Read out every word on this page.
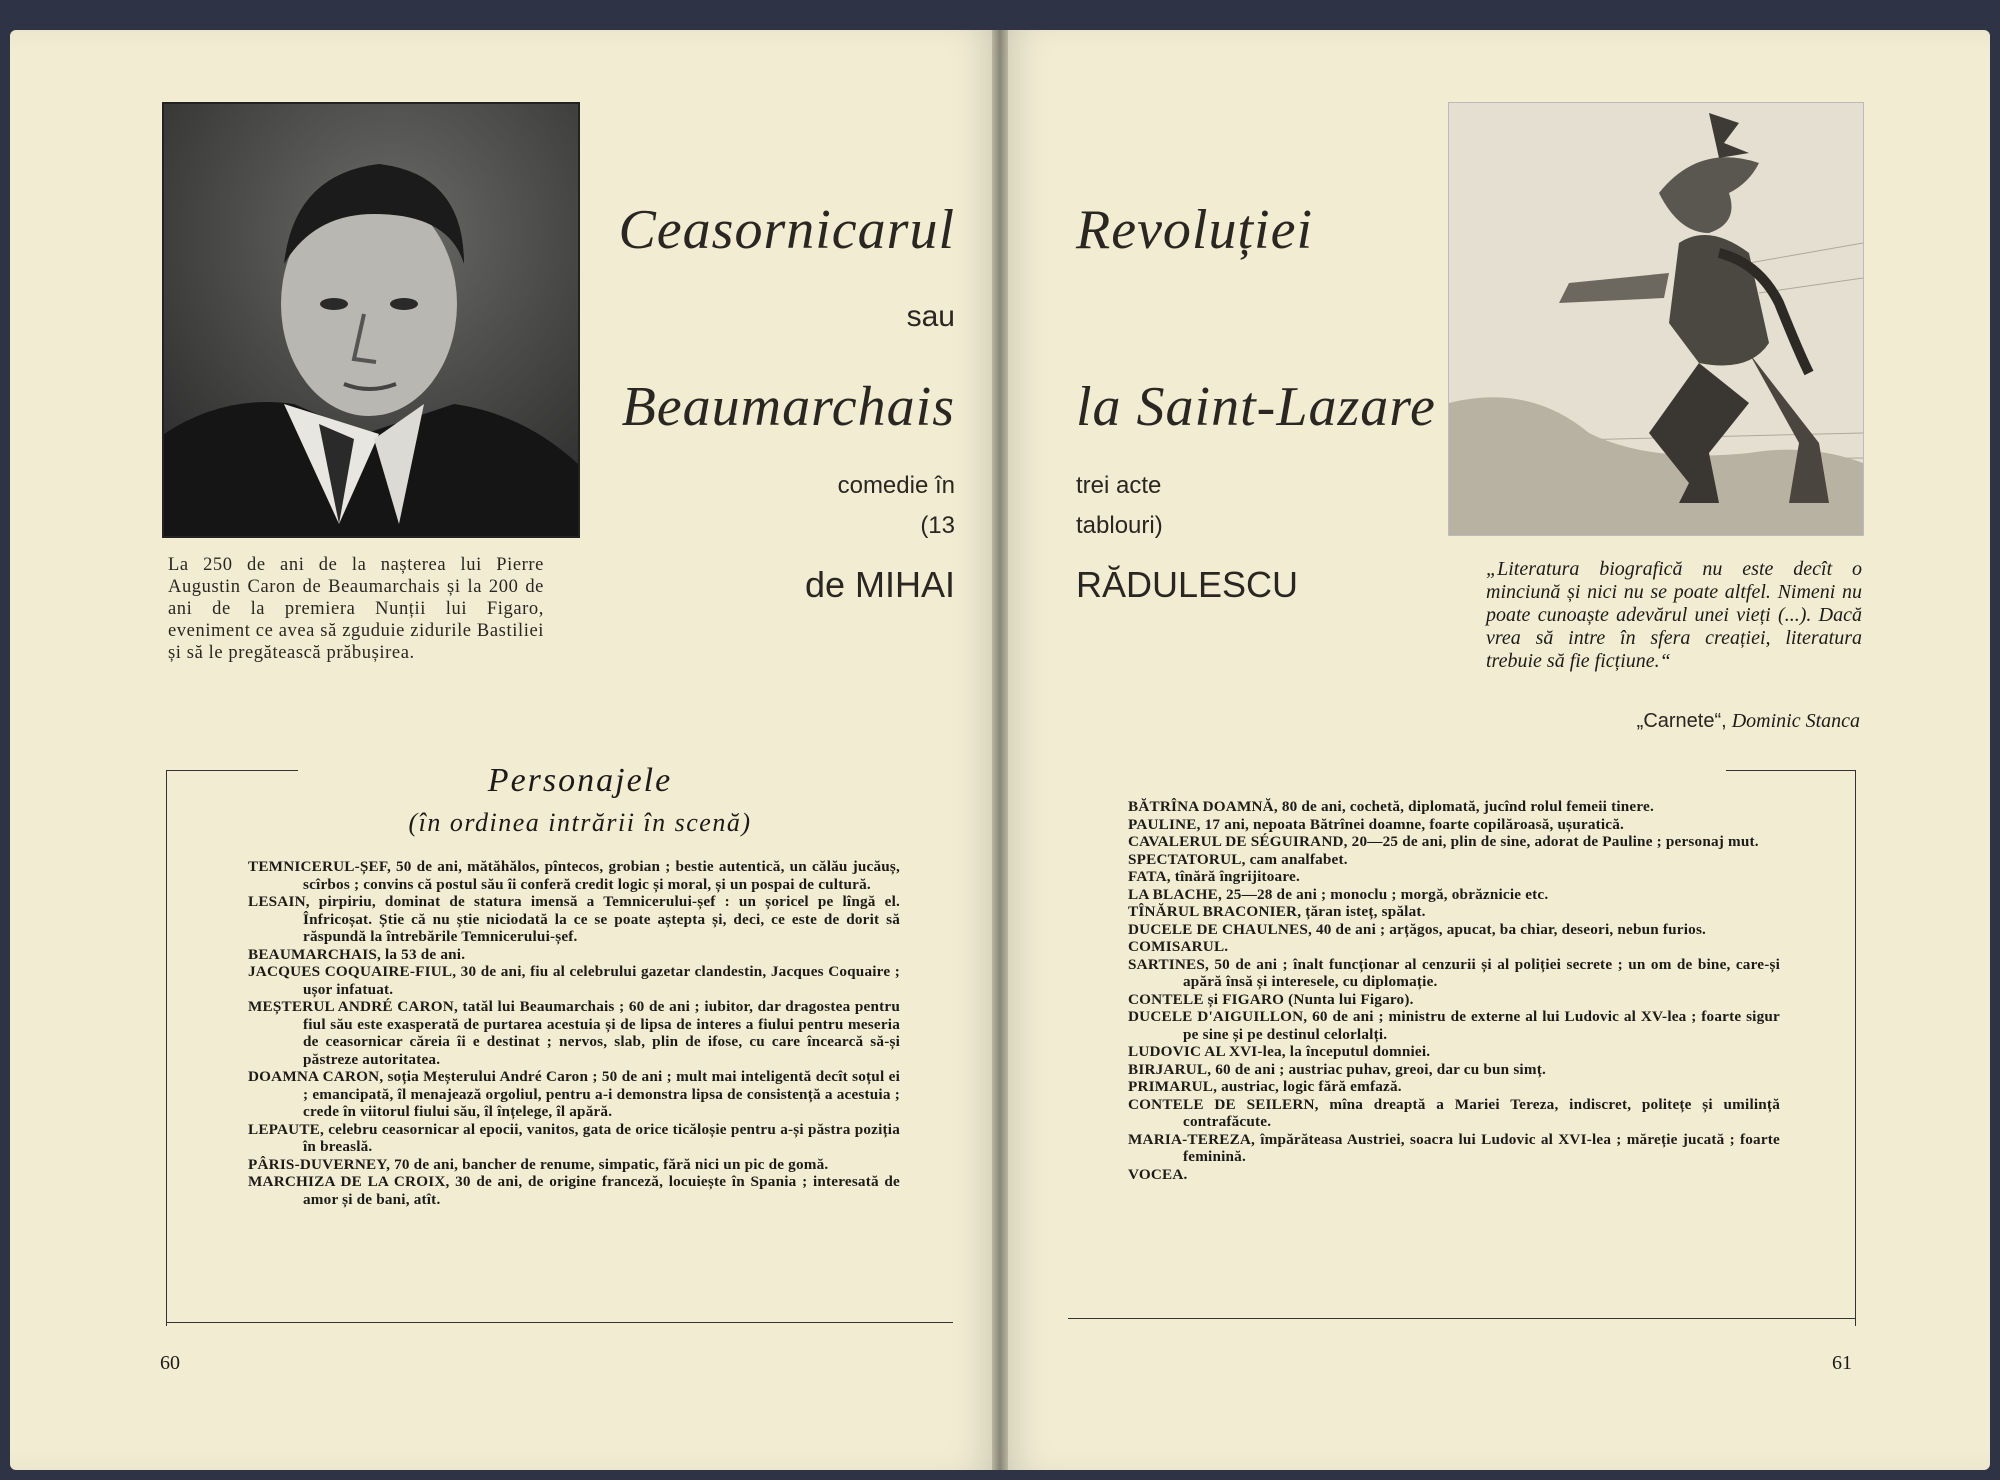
La 250 de ani de la nașterea lui Pierre Augustin Caron de Beaumarchais și la 200 de ani de la premiera Nunții lui Figaro, eveniment ce avea să zguduie zidurile Bastiliei și să le pregătească prăbușirea.
Ceasornicarul
sau
Beaumarchais
comedie în
(13
de MIHAI
Personajele
(în ordinea intrării în scenă)

TEMNICERUL-ȘEF, 50 de ani, mătăhălos, pîntecos, grobian ; bestie autentică, un călău jucăuș, scîrbos ; convins că postul său îi conferă credit logic și moral, și un pospai de cultură.

LESAIN, pirpiriu, dominat de statura imensă a Temnicerului-șef : un șoricel pe lîngă el. Înfricoșat. Știe că nu știe niciodată la ce se poate aștepta și, deci, ce este de dorit să răspundă la întrebările Temnicerului-șef.

BEAUMARCHAIS, la 53 de ani.

JACQUES COQUAIRE-FIUL, 30 de ani, fiu al celebrului gazetar clandestin, Jacques Coquaire ; ușor infatuat.

MEȘTERUL ANDRÉ CARON, tatăl lui Beaumarchais ; 60 de ani ; iubitor, dar dragostea pentru fiul său este exasperată de purtarea acestuia și de lipsa de interes a fiului pentru meseria de ceasornicar căreia îi e destinat ; nervos, slab, plin de ifose, cu care încearcă să-și păstreze autoritatea.

DOAMNA CARON, soția Meșterului André Caron ; 50 de ani ; mult mai inteligentă decît soțul ei ; emancipată, îl menajează orgoliul, pentru a-i demonstra lipsa de consistență a acestuia ; crede în viitorul fiului său, îl înțelege, îl apără.

LEPAUTE, celebru ceasornicar al epocii, vanitos, gata de orice ticăloșie pentru a-și păstra poziția în breaslă.

PÂRIS-DUVERNEY, 70 de ani, bancher de renume, simpatic, fără nici un pic de gomă.

MARCHIZA DE LA CROIX, 30 de ani, de origine franceză, locuiește în Spania ; interesată de amor și de bani, atît.

60
Revoluției
la Saint-Lazare
trei acte
tablouri)
RĂDULESCU	„Literatura biografică nu este decît o minciună și nici nu se poate altfel. Nimeni nu poate cunoaște adevărul unei vieți (...). Dacă vrea să intre în sfera creației, literatura trebuie să fie ficțiune.“
„Carnete“, Dominic Stanca

BĂTRÎNA DOAMNĂ, 80 de ani, cochetă, diplomată, jucînd rolul femeii tinere.

PAULINE, 17 ani, nepoata Bătrînei doamne, foarte copilăroasă, ușuratică.

CAVALERUL DE SÉGUIRAND, 20—25 de ani, plin de sine, adorat de Pauline ; personaj mut.

SPECTATORUL, cam analfabet.

FATA, tînără îngrijitoare.

LA BLACHE, 25—28 de ani ; monoclu ; morgă, obrăznicie etc.

TÎNĂRUL BRACONIER, țăran isteț, spălat.

DUCELE DE CHAULNES, 40 de ani ; arțăgos, apucat, ba chiar, deseori, nebun furios.

COMISARUL.

SARTINES, 50 de ani ; înalt funcționar al cenzurii și al poliției secrete ; un om de bine, care-și apără însă și interesele, cu diplomație.

CONTELE și FIGARO (Nunta lui Figaro).

DUCELE D'AIGUILLON, 60 de ani ; ministru de externe al lui Ludovic al XV-lea ; foarte sigur pe sine și pe destinul celorlalți.

LUDOVIC AL XVI-lea, la începutul domniei.

BIRJARUL, 60 de ani ; austriac puhav, greoi, dar cu bun simț.

PRIMARUL, austriac, logic fără emfază.

CONTELE DE SEILERN, mîna dreaptă a Mariei Tereza, indiscret, politețe și umilință contrafăcute.

MARIA-TEREZA, împărăteasa Austriei, soacra lui Ludovic al XVI-lea ; măreție jucată ; foarte feminină.

VOCEA.

61
